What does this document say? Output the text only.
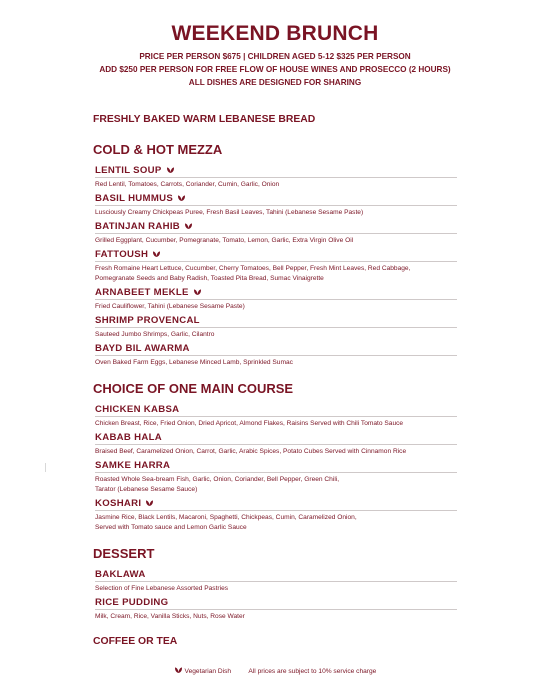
WEEKEND BRUNCH
PRICE PER PERSON $675 | CHILDREN AGED 5-12 $325 PER PERSON
ADD $250 PER PERSON FOR FREE FLOW OF HOUSE WINES AND PROSECCO (2 HOURS)
ALL DISHES ARE DESIGNED FOR SHARING
FRESHLY BAKED WARM LEBANESE BREAD
COLD & HOT MEZZA
LENTIL SOUP
Red Lentil, Tomatoes, Carrots, Coriander, Cumin, Garlic, Onion
BASIL HUMMUS
Lusciously Creamy Chickpeas Puree, Fresh Basil Leaves, Tahini (Lebanese Sesame Paste)
BATINJAN RAHIB
Grilled Eggplant, Cucumber, Pomegranate, Tomato, Lemon, Garlic, Extra Virgin Olive Oil
FATTOUSH
Fresh Romaine Heart Lettuce, Cucumber, Cherry Tomatoes, Bell Pepper, Fresh Mint Leaves, Red Cabbage,
Pomegranate Seeds and Baby Radish, Toasted Pita Bread, Sumac Vinaigrette
ARNABEET MEKLE
Fried Cauliflower, Tahini (Lebanese Sesame Paste)
SHRIMP PROVENCAL
Sauteed Jumbo Shrimps, Garlic, Cilantro
BAYD BIL AWARMA
Oven Baked Farm Eggs, Lebanese Minced Lamb, Sprinkled Sumac
CHOICE OF ONE MAIN COURSE
CHICKEN KABSA
Chicken Breast, Rice, Fried Onion, Dried Apricot, Almond Flakes, Raisins Served with Chili Tomato Sauce
KABAB HALA
Braised Beef, Caramelized Onion, Carrot, Garlic, Arabic Spices, Potato Cubes Served with Cinnamon Rice
SAMKE HARRA
Roasted Whole Sea-bream Fish, Garlic, Onion, Coriander, Bell Pepper, Green Chili,
Tarator (Lebanese Sesame Sauce)
KOSHARI
Jasmine Rice, Black Lentils, Macaroni, Spaghetti, Chickpeas, Cumin, Caramelized Onion,
Served with Tomato sauce and Lemon Garlic Sauce
DESSERT
BAKLAWA
Selection of Fine Lebanese Assorted Pastries
RICE PUDDING
Milk, Cream, Rice, Vanilla Sticks, Nuts, Rose Water
COFFEE OR TEA
Vegetarian Dish	All prices are subject to 10% service charge
